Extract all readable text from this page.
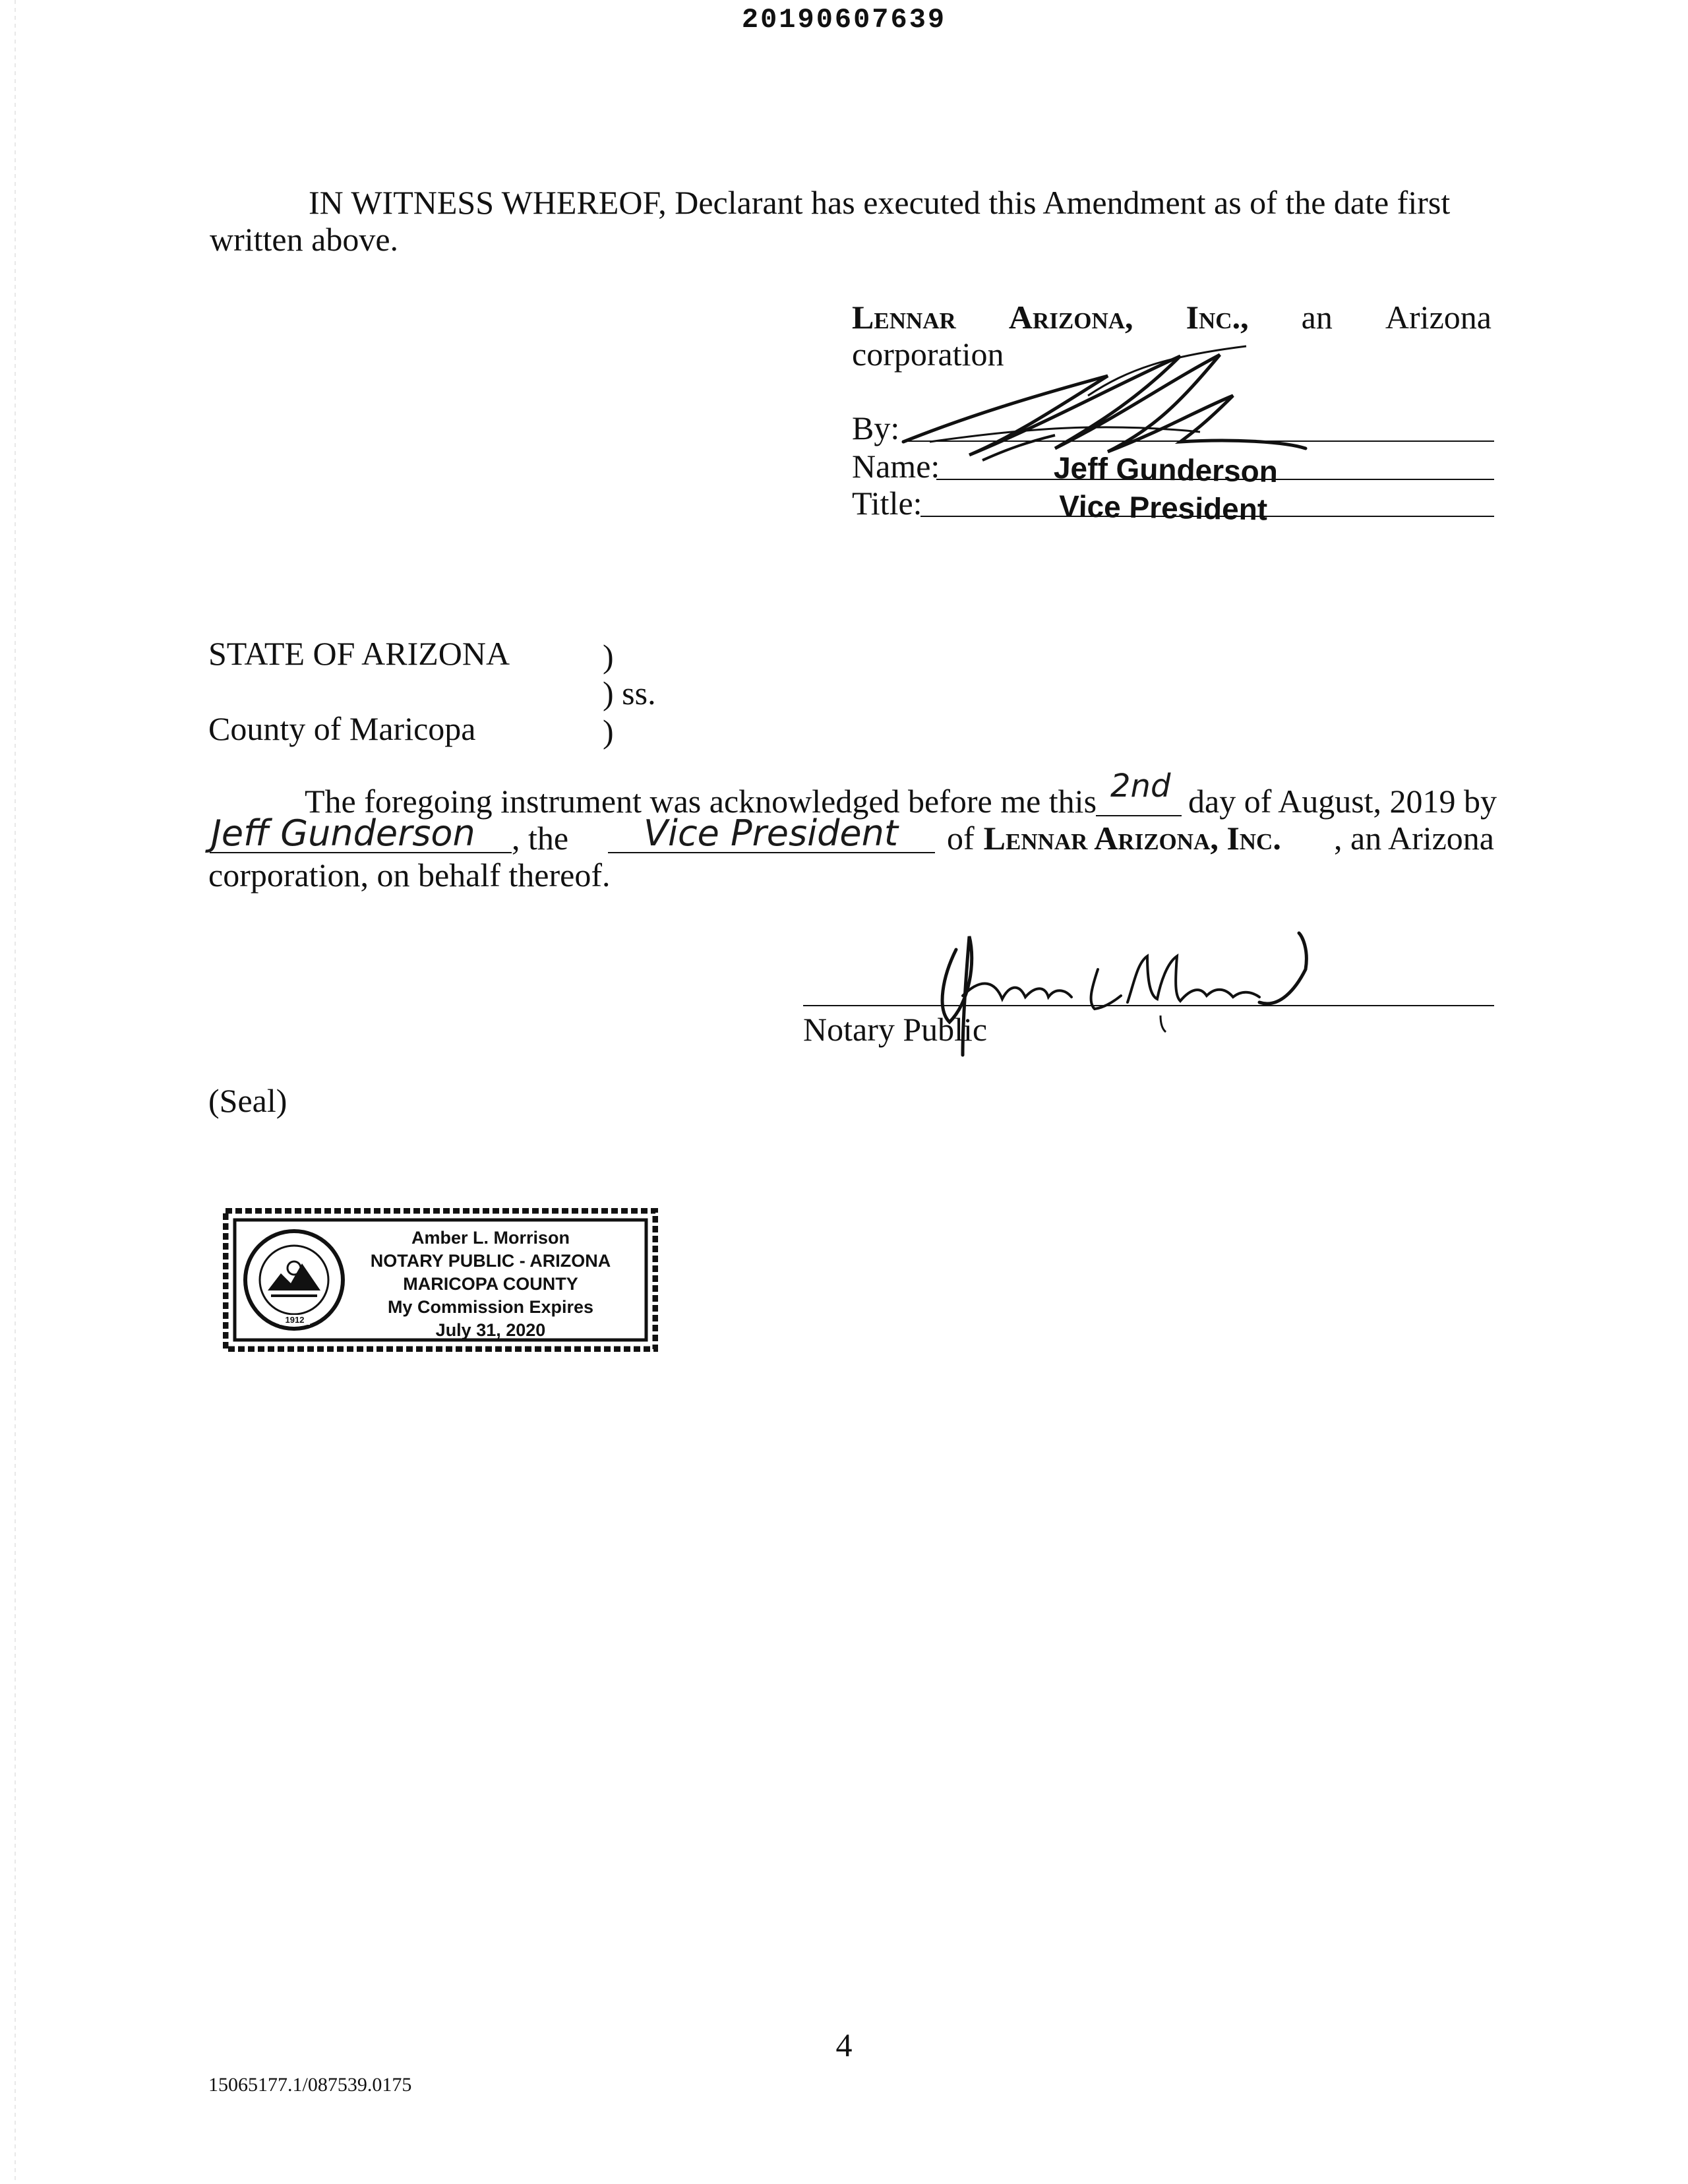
20190607639
IN WITNESS WHEREOF, Declarant has executed this Amendment as of the date first
written above.
Lennar Arizona, Inc., an Arizona
corporation
By:
Name:	Jeff Gunderson
Title:	Vice President
STATE OF ARIZONA	)
) ss.
County of Maricopa	)
The foregoing instrument was acknowledged before me this 2nd day of August, 2019 by
Jeff Gunderson , the Vice President of Lennar Arizona, Inc. , an Arizona
corporation, on behalf thereof.
Notary Public
(Seal)
1912
Amber L. Morrison
NOTARY PUBLIC - ARIZONA
MARICOPA COUNTY
My Commission Expires
July 31, 2020
4
15065177.1/087539.0175
